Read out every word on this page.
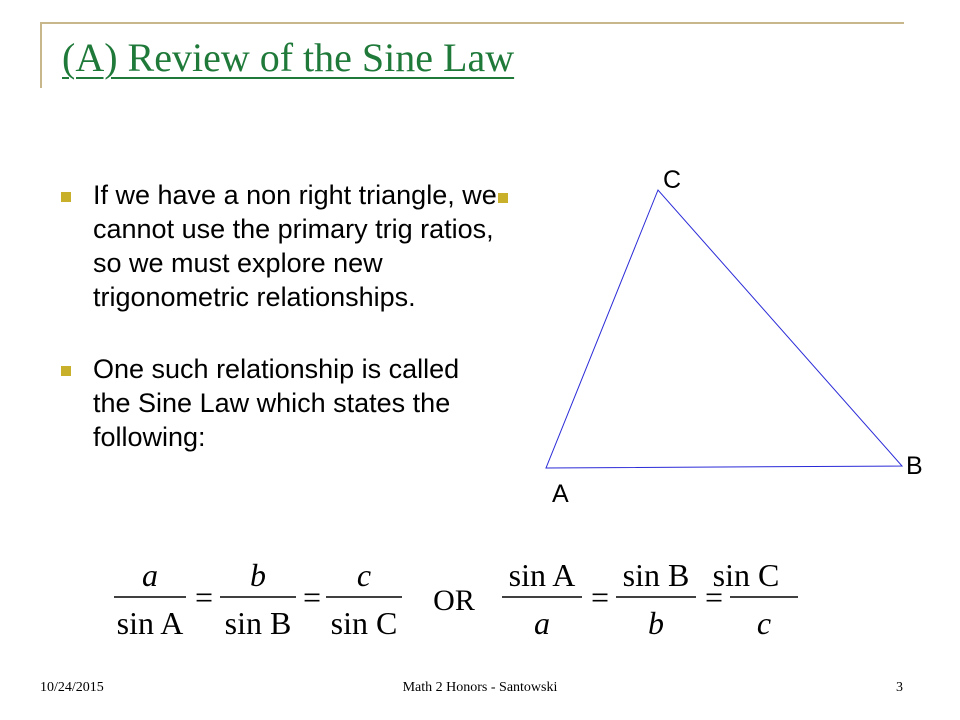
(A) Review of the Sine Law
If we have a non right triangle, we cannot use the primary trig ratios, so we must explore new trigonometric relationships.
One such relationship is called the Sine Law which states the following:
C
B
A
a
sin A
=
b
sin B
=
c
sin C
OR
sin A
a
=
sin B
b
=
sin C
c
10/24/2015	Math 2 Honors - Santowski	3
